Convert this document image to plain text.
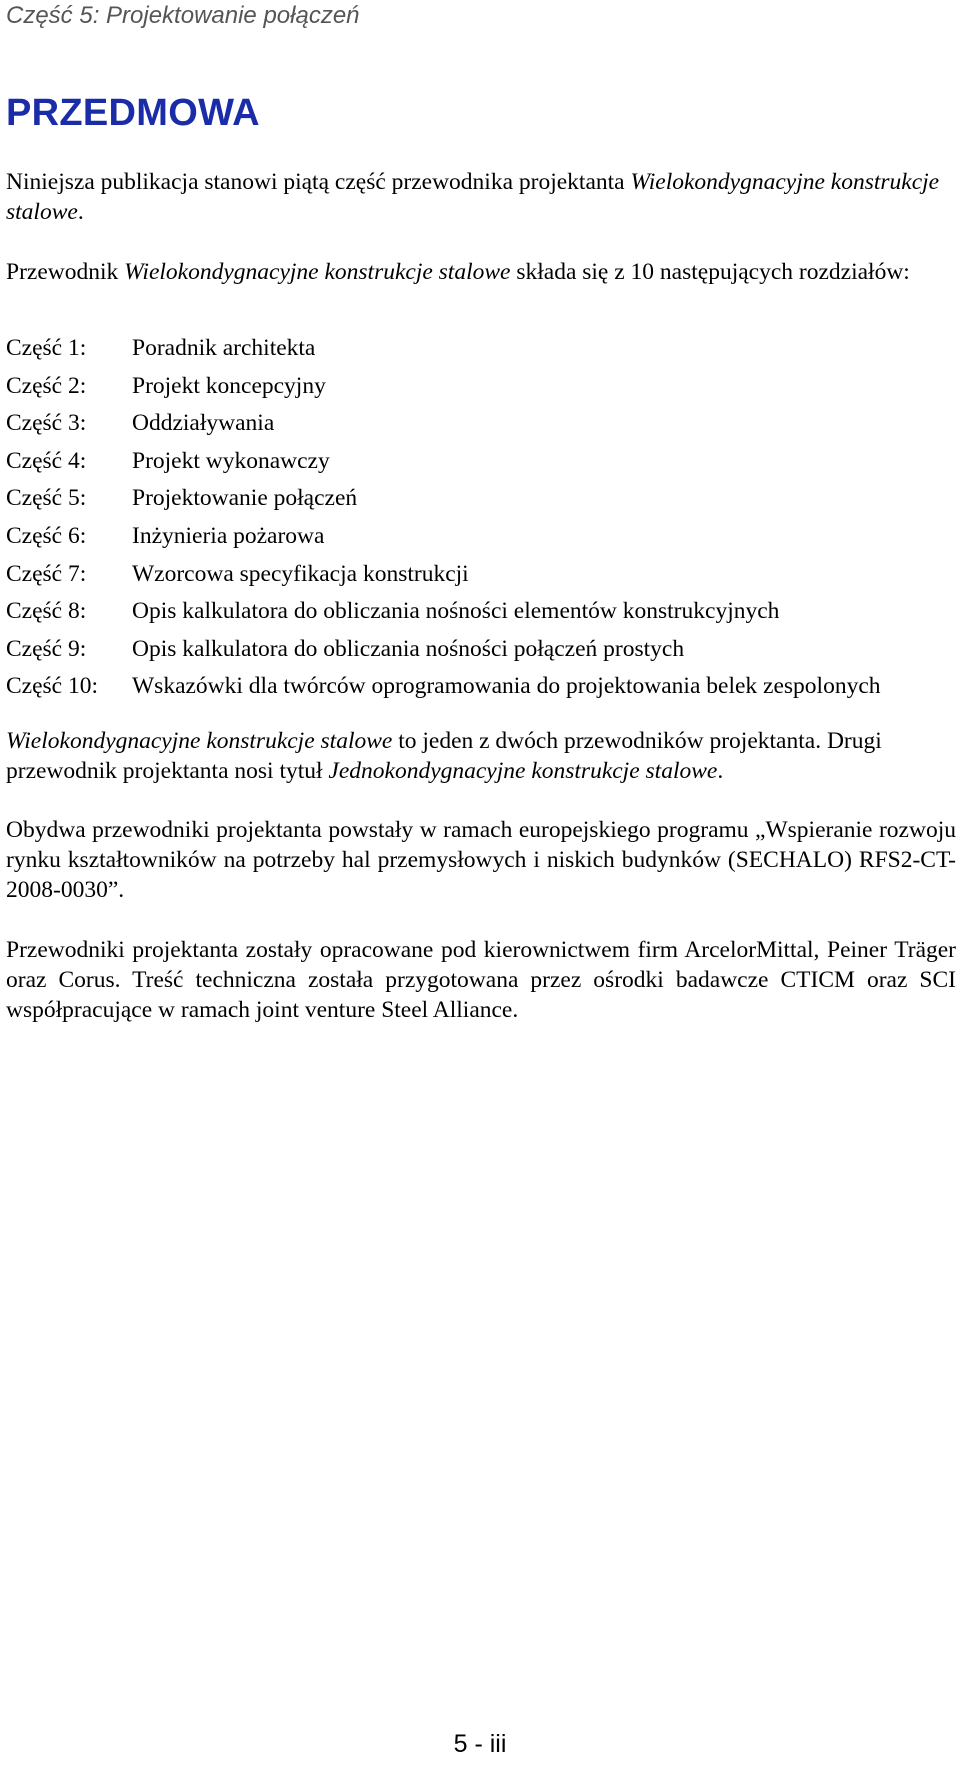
Część 5: Projektowanie połączeń
PRZEDMOWA

Niniejsza publikacja stanowi piątą część przewodnika projektanta Wielokondygnacyjne konstrukcje stalowe.

Przewodnik Wielokondygnacyjne konstrukcje stalowe składa się z 10 następujących rozdziałów:

Część 1:	Poradnik architekta
Część 2:	Projekt koncepcyjny
Część 3:	Oddziaływania
Część 4:	Projekt wykonawczy
Część 5:	Projektowanie połączeń
Część 6:	Inżynieria pożarowa
Część 7:	Wzorcowa specyfikacja konstrukcji
Część 8:	Opis kalkulatora do obliczania nośności elementów konstrukcyjnych
Część 9:	Opis kalkulatora do obliczania nośności połączeń prostych
Część 10:	Wskazówki dla twórców oprogramowania do projektowania belek zespolonych

Wielokondygnacyjne konstrukcje stalowe to jeden z dwóch przewodników projektanta. Drugi przewodnik projektanta nosi tytuł Jednokondygnacyjne konstrukcje stalowe.

Obydwa przewodniki projektanta powstały w ramach europejskiego programu „Wspieranie rozwoju rynku kształtowników na potrzeby hal przemysłowych i niskich budynków (SECHALO) RFS2-CT-2008-0030”.

Przewodniki projektanta zostały opracowane pod kierownictwem firm ArcelorMittal, Peiner Träger oraz Corus. Treść techniczna została przygotowana przez ośrodki badawcze CTICM oraz SCI współpracujące w ramach joint venture Steel Alliance.

5 - iii
